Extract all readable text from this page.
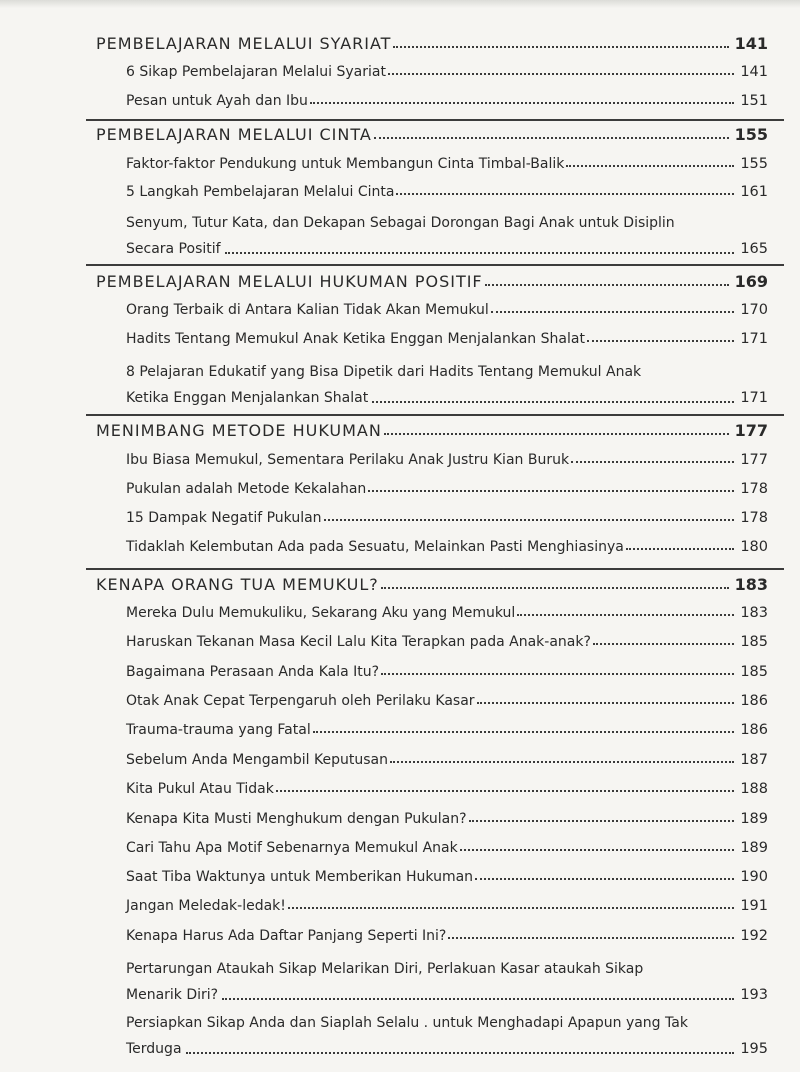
PEMBELAJARAN MELALUI SYARIAT	141
6 Sikap Pembelajaran Melalui Syariat	141
Pesan untuk Ayah dan Ibu	151
PEMBELAJARAN MELALUI CINTA	155
Faktor-faktor Pendukung untuk Membangun Cinta Timbal-Balik	155
5 Langkah Pembelajaran Melalui Cinta	161
Senyum, Tutur Kata, dan Dekapan Sebagai Dorongan Bagi Anak untuk Disiplin
Secara Positif	165
PEMBELAJARAN MELALUI HUKUMAN POSITIF	169
Orang Terbaik di Antara Kalian Tidak Akan Memukul	170
Hadits Tentang Memukul Anak Ketika Enggan Menjalankan Shalat	171
8 Pelajaran Edukatif yang Bisa Dipetik dari Hadits Tentang Memukul Anak
Ketika Enggan Menjalankan Shalat	171
MENIMBANG METODE HUKUMAN	177
Ibu Biasa Memukul, Sementara Perilaku Anak Justru Kian Buruk	177
Pukulan adalah Metode Kekalahan	178
15 Dampak Negatif Pukulan	178
Tidaklah Kelembutan Ada pada Sesuatu, Melainkan Pasti Menghiasinya	180
KENAPA ORANG TUA MEMUKUL?	183
Mereka Dulu Memukuliku, Sekarang Aku yang Memukul	183
Haruskan Tekanan Masa Kecil Lalu Kita Terapkan pada Anak-anak?	185
Bagaimana Perasaan Anda Kala Itu?	185
Otak Anak Cepat Terpengaruh oleh Perilaku Kasar	186
Trauma-trauma yang Fatal	186
Sebelum Anda Mengambil Keputusan	187
Kita Pukul Atau Tidak	188
Kenapa Kita Musti Menghukum dengan Pukulan?	189
Cari Tahu Apa Motif Sebenarnya Memukul Anak	189
Saat Tiba Waktunya untuk Memberikan Hukuman	190
Jangan Meledak-ledak!	191
Kenapa Harus Ada Daftar Panjang Seperti Ini?	192
Pertarungan Ataukah Sikap Melarikan Diri, Perlakuan Kasar ataukah Sikap
Menarik Diri?	193
Persiapkan Sikap Anda dan Siaplah Selalu . untuk Menghadapi Apapun yang Tak
Terduga	195
